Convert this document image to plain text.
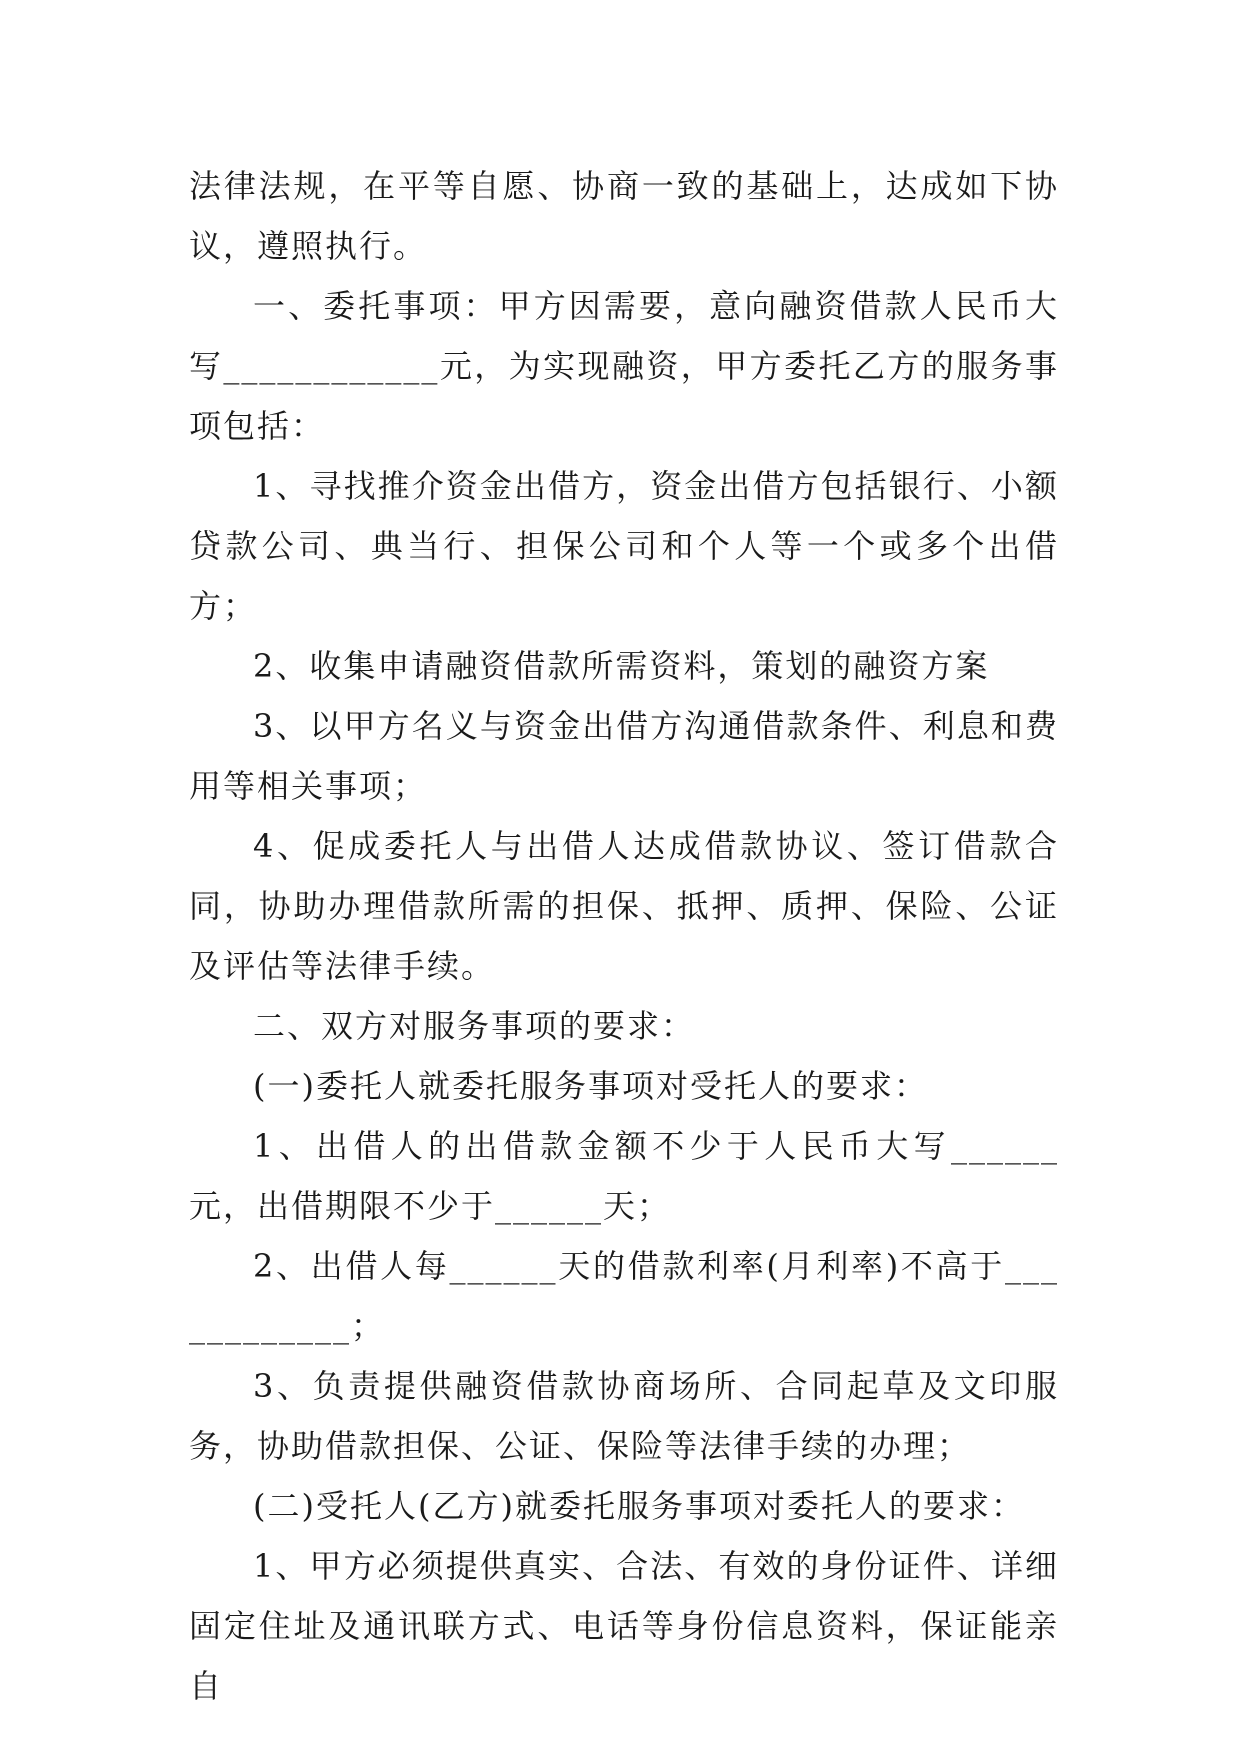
法律法规，在平等自愿、协商一致的基础上，达成如下协议，遵照执行。

一、委托事项：甲方因需要，意向融资借款人民币大写____________元，为实现融资，甲方委托乙方的服务事项包括：

1、寻找推介资金出借方，资金出借方包括银行、小额贷款公司、典当行、担保公司和个人等一个或多个出借方；

2、收集申请融资借款所需资料，策划的融资方案

3、以甲方名义与资金出借方沟通借款条件、利息和费用等相关事项；

4、促成委托人与出借人达成借款协议、签订借款合同，协助办理借款所需的担保、抵押、质押、保险、公证及评估等法律手续。

二、双方对服务事项的要求：

(一)委托人就委托服务事项对受托人的要求：

1、出借人的出借款金额不少于人民币大写______元，出借期限不少于______天；

2、出借人每______天的借款利率(月利率)不高于____________；

3、负责提供融资借款协商场所、合同起草及文印服务，协助借款担保、公证、保险等法律手续的办理；

(二)受托人(乙方)就委托服务事项对委托人的要求：

1、甲方必须提供真实、合法、有效的身份证件、详细固定住址及通讯联方式、电话等身份信息资料，保证能亲自
